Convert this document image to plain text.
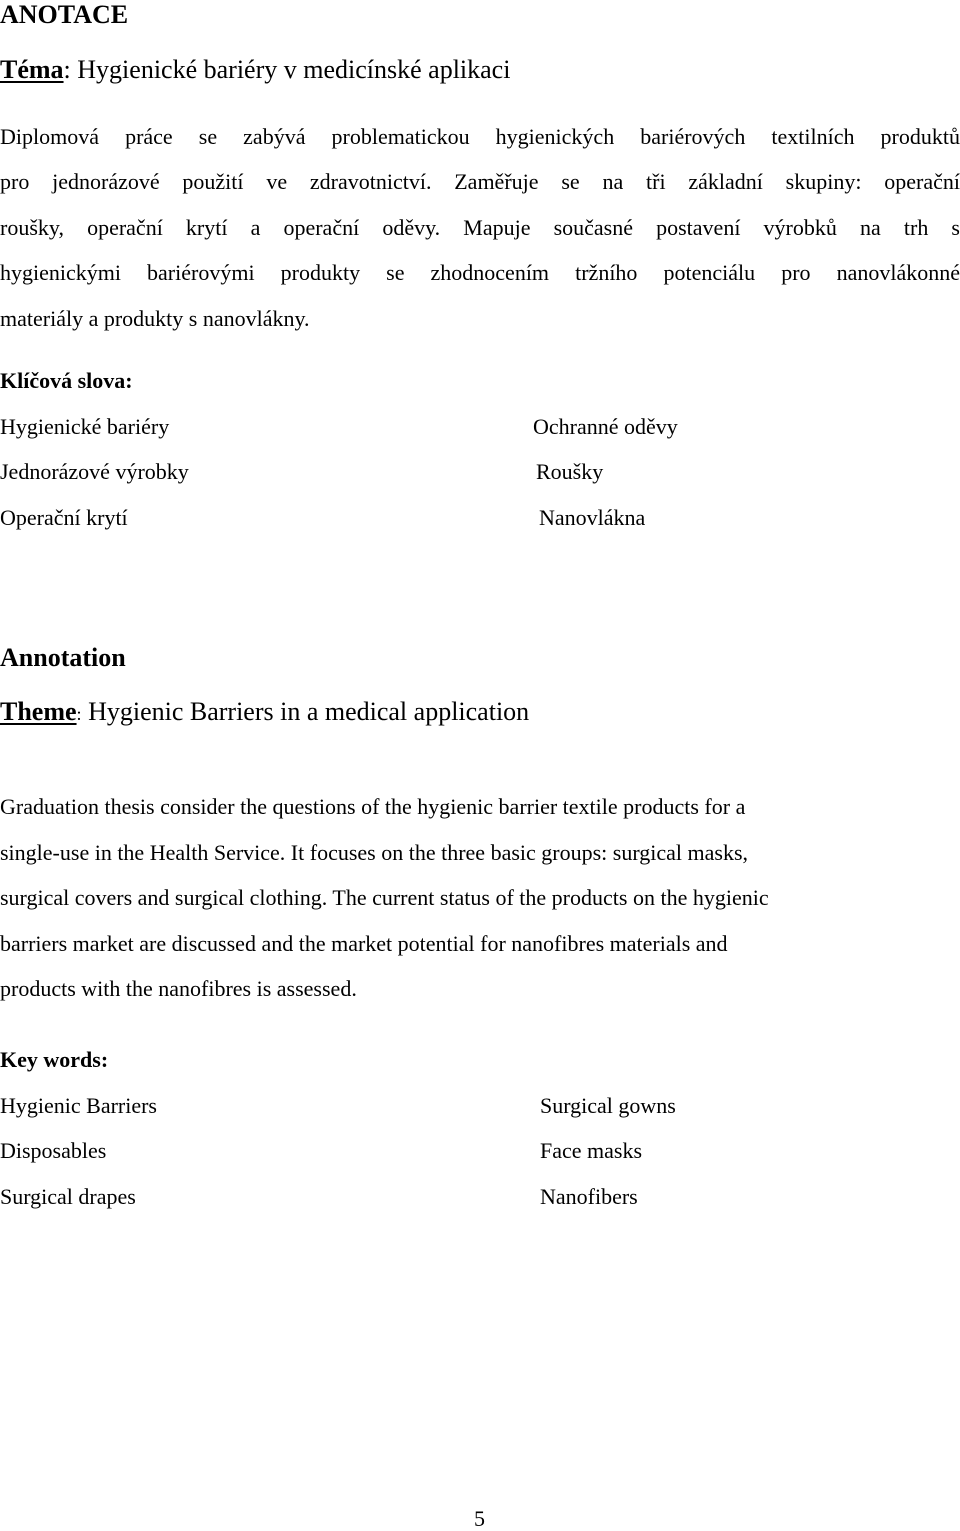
ANOTACE
Téma: Hygienické bariéry v medicínské aplikaci
Diplomová práce se zabývá problematickou hygienických bariérových textilních produktů
pro jednorázové použití ve zdravotnictví. Zaměřuje se na tři základní skupiny: operační
roušky, operační krytí a operační oděvy. Mapuje současné postavení výrobků na trh s
hygienickými bariérovými produkty se zhodnocením tržního potenciálu pro nanovlákonné
materiály a produkty s nanovlákny.
Klíčová slova:
Hygienické bariéry
Jednorázové výrobky
Operační krytí
Ochranné oděvy
Roušky
Nanovlákna
Annotation
Theme: Hygienic Barriers in a medical application
Graduation thesis consider the questions of the hygienic barrier textile products for a
single-use in the Health Service. It focuses on the three basic groups: surgical masks,
surgical covers and surgical clothing. The current status of the products on the hygienic
barriers market are discussed and the market potential for nanofibres materials and
products with the nanofibres is assessed.
Key words:
Hygienic Barriers
Disposables
Surgical drapes
Surgical gowns
Face masks
Nanofibers
5
